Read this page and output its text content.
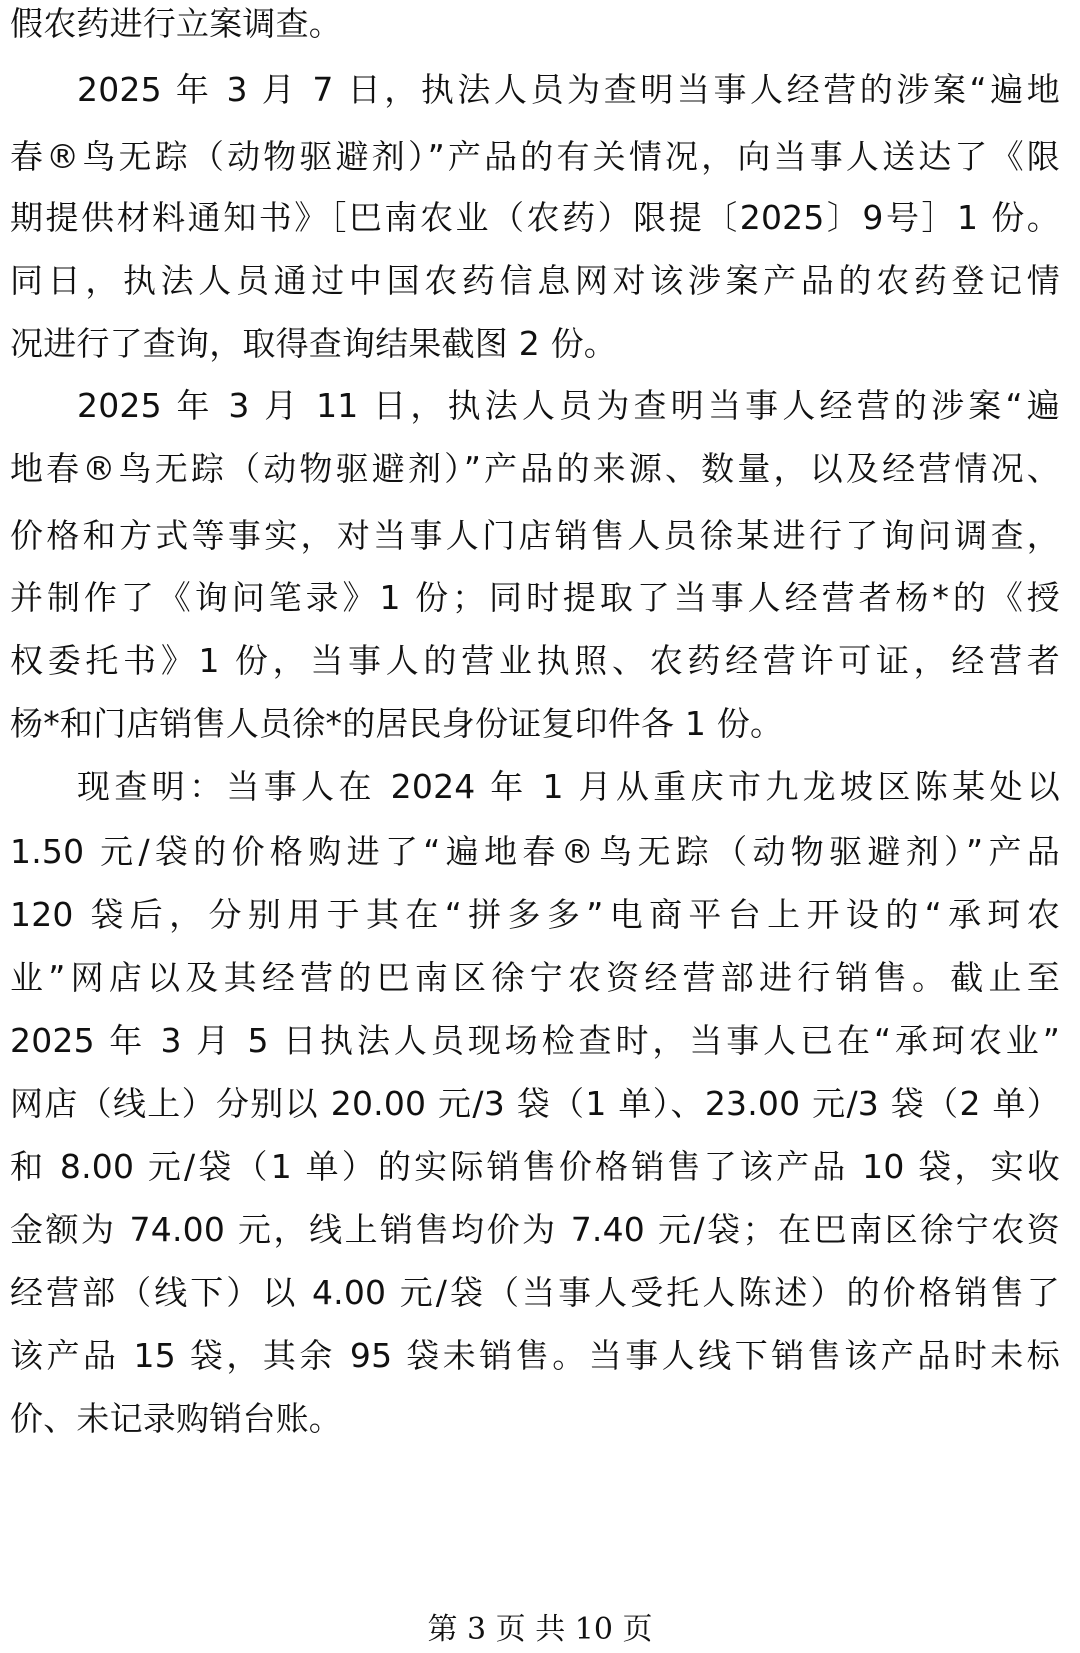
假农药进行立案调查。
2025 年 3 月 7 日，执法人员为查明当事人经营的涉案“遍地
春®鸟无踪（动物驱避剂）”产品的有关情况，向当事人送达了《限
期提供材料通知书》［巴南农业（农药）限提〔2025〕9号］1 份。
同日，执法人员通过中国农药信息网对该涉案产品的农药登记情
况进行了查询，取得查询结果截图 2 份。
2025 年 3 月 11 日，执法人员为查明当事人经营的涉案“遍
地春®鸟无踪（动物驱避剂）”产品的来源、数量，以及经营情况、
价格和方式等事实，对当事人门店销售人员徐某进行了询问调查，
并制作了《询问笔录》1 份；同时提取了当事人经营者杨*的《授
权委托书》1 份，当事人的营业执照、农药经营许可证，经营者
杨*和门店销售人员徐*的居民身份证复印件各 1 份。
现查明：当事人在 2024 年 1 月从重庆市九龙坡区陈某处以
1.50 元/袋的价格购进了“遍地春®鸟无踪（动物驱避剂）”产品
120 袋后，分别用于其在“拼多多”电商平台上开设的“承珂农
业”网店以及其经营的巴南区徐宁农资经营部进行销售。截止至
2025 年 3 月 5 日执法人员现场检查时，当事人已在“承珂农业”
网店（线上）分别以 20.00 元/3 袋（1 单）、23.00 元/3 袋（2 单）
和 8.00 元/袋（1 单）的实际销售价格销售了该产品 10 袋，实收
金额为 74.00 元，线上销售均价为 7.40 元/袋；在巴南区徐宁农资
经营部（线下）以 4.00 元/袋（当事人受托人陈述）的价格销售了
该产品 15 袋，其余 95 袋未销售。当事人线下销售该产品时未标
价、未记录购销台账。
第 3 页 共 10 页
